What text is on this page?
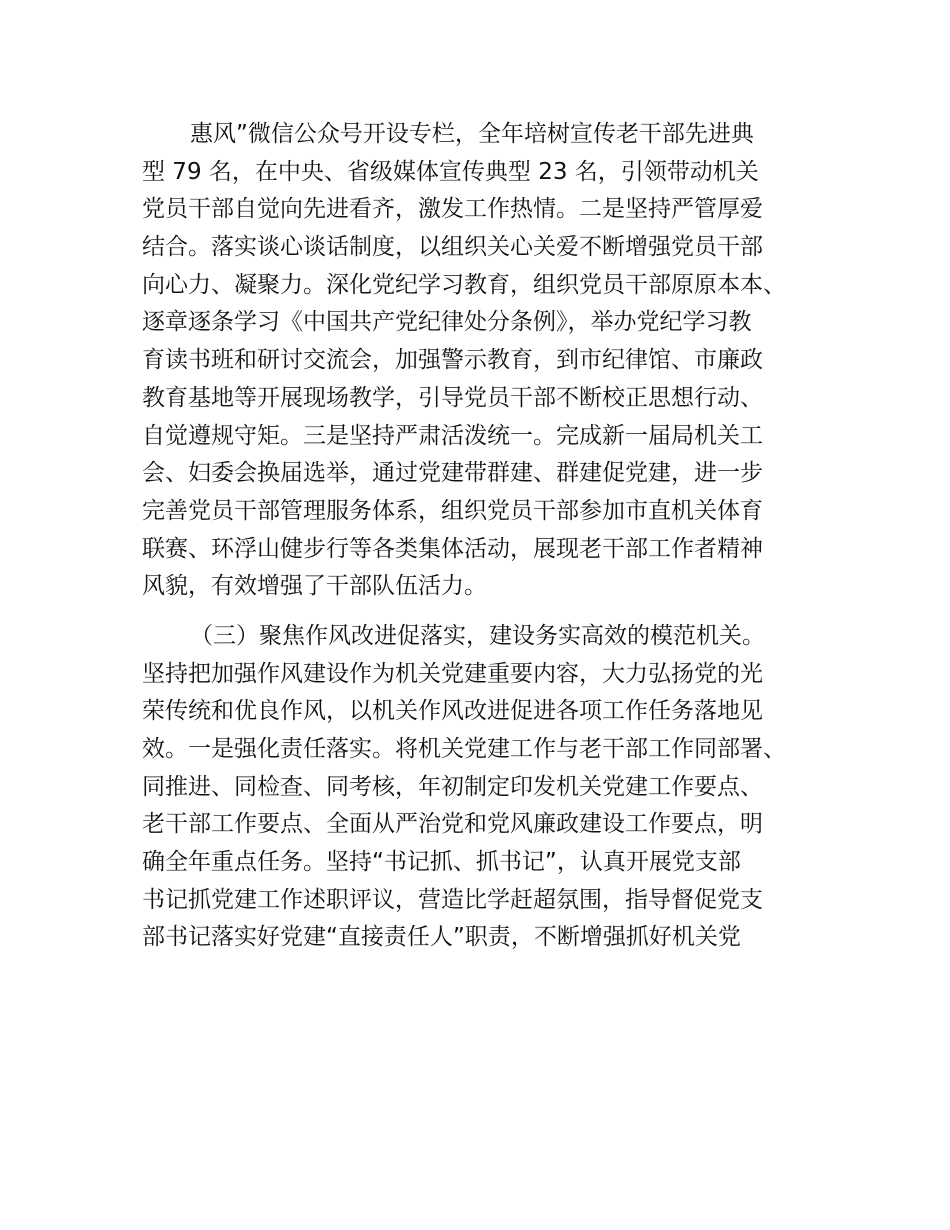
惠风”微信公众号开设专栏，全年培树宣传老干部先进典
型 79 名，在中央、省级媒体宣传典型 23 名，引领带动机关
党员干部自觉向先进看齐，激发工作热情。二是坚持严管厚爱
结合。落实谈心谈话制度，以组织关心关爱不断增强党员干部
向心力、凝聚力。深化党纪学习教育，组织党员干部原原本本、
逐章逐条学习《中国共产党纪律处分条例》，举办党纪学习教
育读书班和研讨交流会，加强警示教育，到市纪律馆、市廉政
教育基地等开展现场教学，引导党员干部不断校正思想行动、
自觉遵规守矩。三是坚持严肃活泼统一。完成新一届局机关工
会、妇委会换届选举，通过党建带群建、群建促党建，进一步
完善党员干部管理服务体系，组织党员干部参加市直机关体育
联赛、环浮山健步行等各类集体活动，展现老干部工作者精神
风貌，有效增强了干部队伍活力。
（三）聚焦作风改进促落实，建设务实高效的模范机关。
坚持把加强作风建设作为机关党建重要内容，大力弘扬党的光
荣传统和优良作风，以机关作风改进促进各项工作任务落地见
效。一是强化责任落实。将机关党建工作与老干部工作同部署、
同推进、同检查、同考核，年初制定印发机关党建工作要点、
老干部工作要点、全面从严治党和党风廉政建设工作要点，明
确全年重点任务。坚持“书记抓、抓书记”，认真开展党支部
书记抓党建工作述职评议，营造比学赶超氛围，指导督促党支
部书记落实好党建“直接责任人”职责，不断增强抓好机关党
